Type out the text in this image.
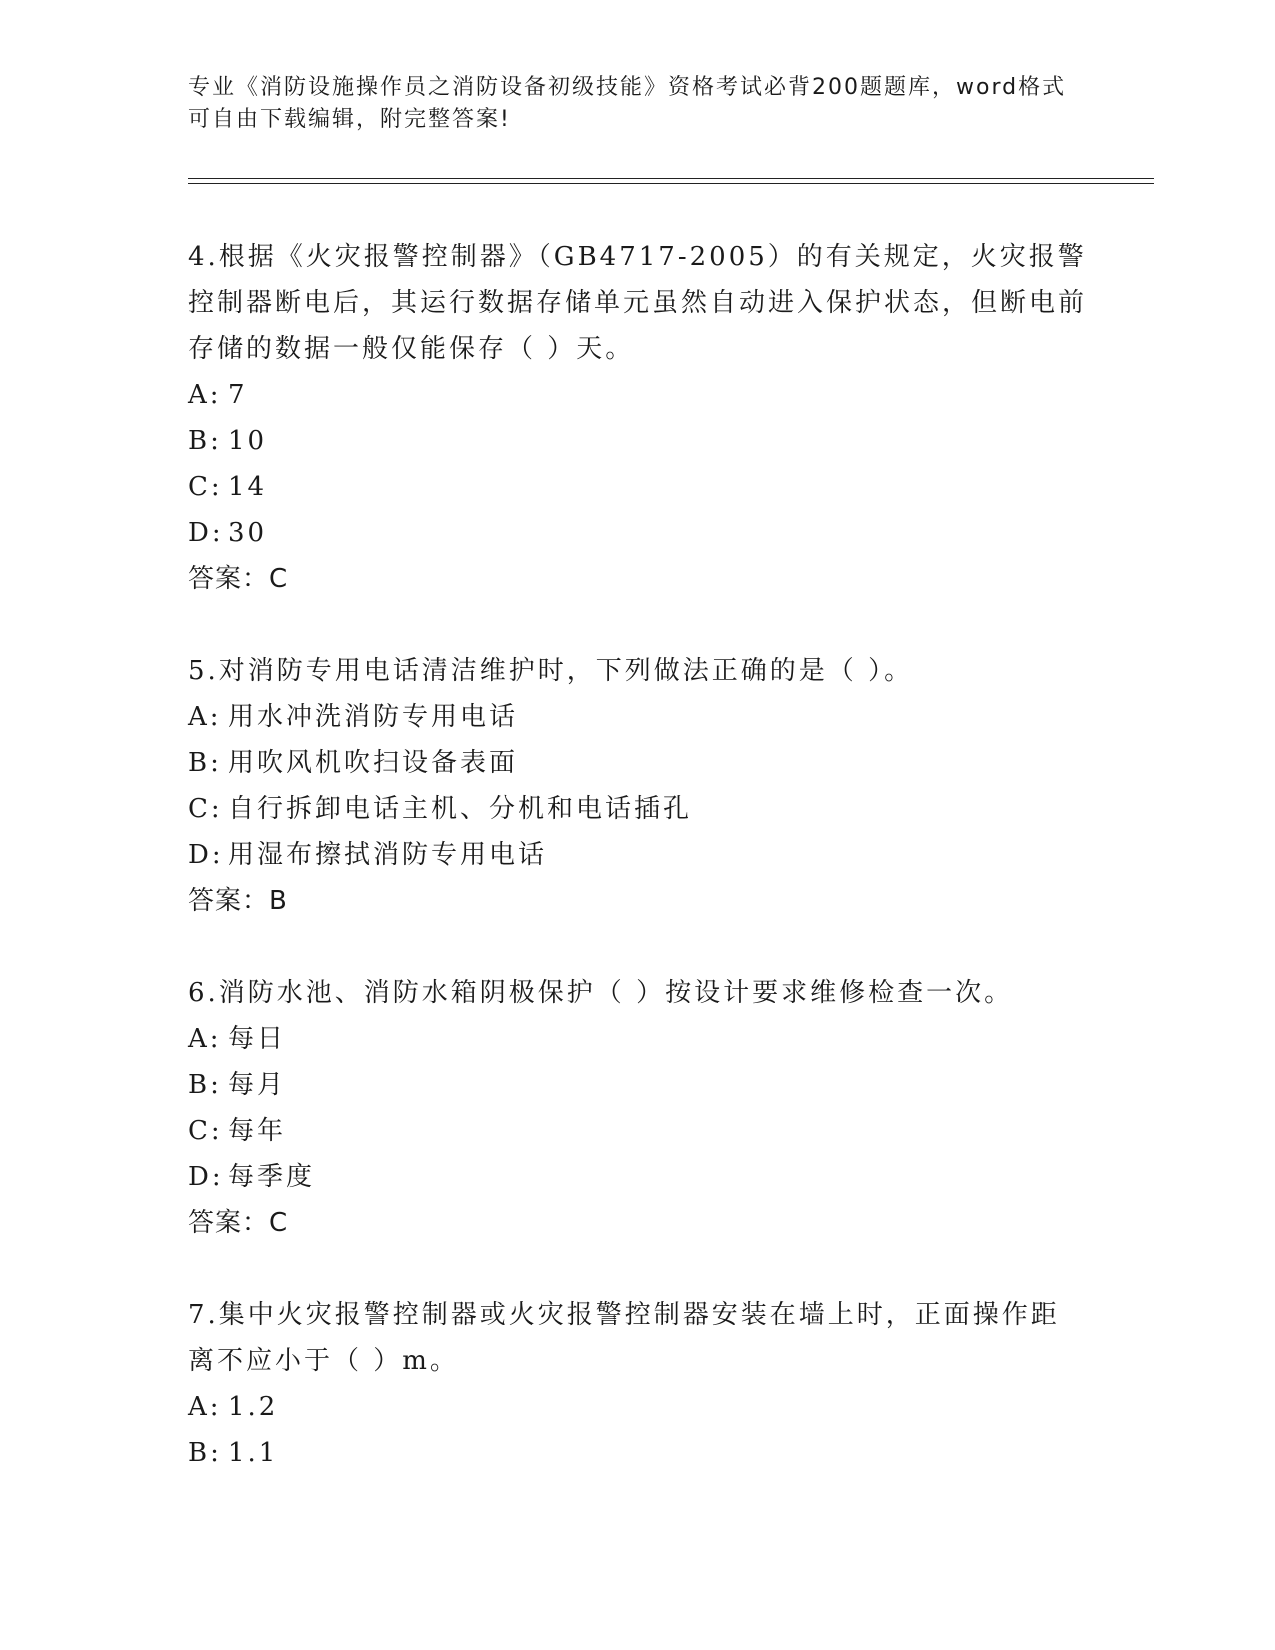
专业《消防设施操作员之消防设备初级技能》资格考试必背200题题库，word格式可自由下载编辑，附完整答案!

4.根据《火灾报警控制器》（GB4717-2005）的有关规定，火灾报警控制器断电后，其运行数据存储单元虽然自动进入保护状态，但断电前存储的数据一般仅能保存（ ）天。

A: 7

B: 10

C: 14

D: 30

答案：C

5.对消防专用电话清洁维护时，下列做法正确的是（ ）。

A: 用水冲洗消防专用电话

B: 用吹风机吹扫设备表面

C: 自行拆卸电话主机、分机和电话插孔

D: 用湿布擦拭消防专用电话

答案：B

6.消防水池、消防水箱阴极保护（ ）按设计要求维修检查一次。

A: 每日

B: 每月

C: 每年

D: 每季度

答案：C

7.集中火灾报警控制器或火灾报警控制器安装在墙上时，正面操作距离不应小于（ ）m。

A: 1.2

B: 1.1
